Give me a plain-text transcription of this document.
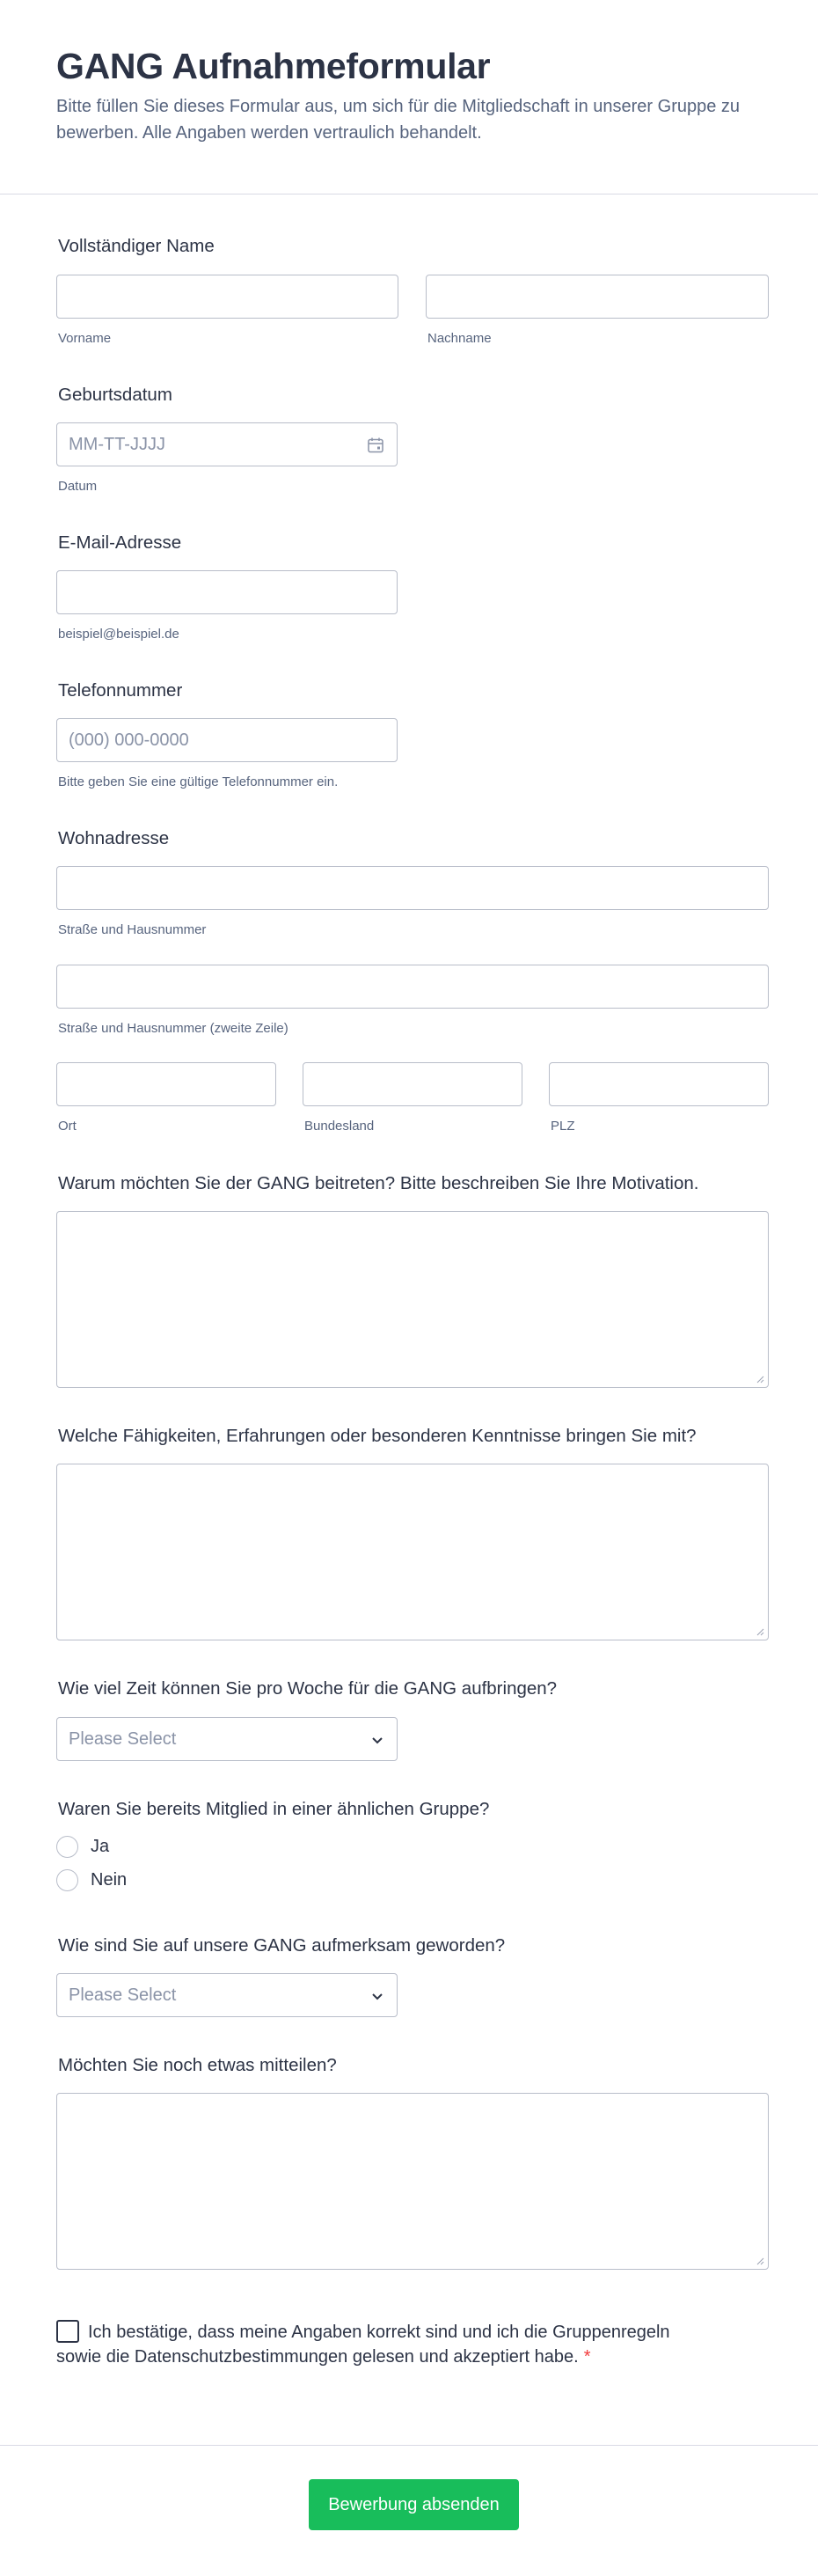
GANG Aufnahmeformular

Bitte füllen Sie dieses Formular aus, um sich für die Mitgliedschaft in unserer Gruppe zu bewerben. Alle Angaben werden vertraulich behandelt.

Vollständiger Name
Vorname	Nachname
Geburtsdatum
MM-TT-JJJJ
Datum
E-Mail-Adresse
beispiel@beispiel.de
Telefonnummer
(000) 000-0000
Bitte geben Sie eine gültige Telefonnummer ein.
Wohnadresse
Straße und Hausnummer
Straße und Hausnummer (zweite Zeile)
Ort	Bundesland	PLZ
Warum möchten Sie der GANG beitreten? Bitte beschreiben Sie Ihre Motivation.
Welche Fähigkeiten, Erfahrungen oder besonderen Kenntnisse bringen Sie mit?
Wie viel Zeit können Sie pro Woche für die GANG aufbringen?
Please Select
Waren Sie bereits Mitglied in einer ähnlichen Gruppe?
Ja
Nein
Wie sind Sie auf unsere GANG aufmerksam geworden?
Please Select
Möchten Sie noch etwas mitteilen?
Ich bestätige, dass meine Angaben korrekt sind und ich die Gruppenregeln sowie die Datenschutzbestimmungen gelesen und akzeptiert habe. *
Bewerbung absenden
